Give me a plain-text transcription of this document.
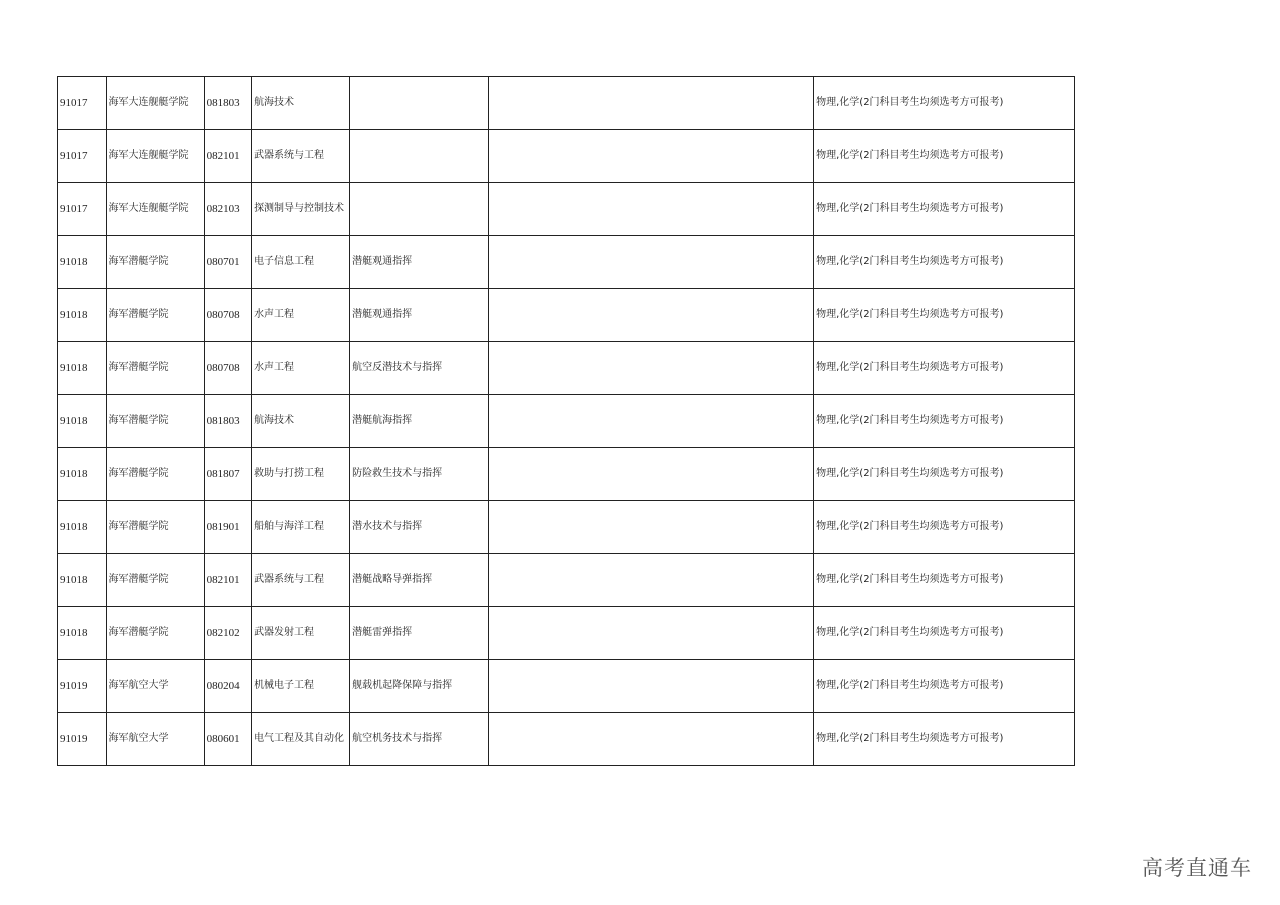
91017	海军大连舰艇学院	081803	航海技术			物理,化学(2门科目考生均须选考方可报考)
91017	海军大连舰艇学院	082101	武器系统与工程			物理,化学(2门科目考生均须选考方可报考)
91017	海军大连舰艇学院	082103	探测制导与控制技术			物理,化学(2门科目考生均须选考方可报考)
91018	海军潜艇学院	080701	电子信息工程	潜艇观通指挥		物理,化学(2门科目考生均须选考方可报考)
91018	海军潜艇学院	080708	水声工程	潜艇观通指挥		物理,化学(2门科目考生均须选考方可报考)
91018	海军潜艇学院	080708	水声工程	航空反潜技术与指挥		物理,化学(2门科目考生均须选考方可报考)
91018	海军潜艇学院	081803	航海技术	潜艇航海指挥		物理,化学(2门科目考生均须选考方可报考)
91018	海军潜艇学院	081807	救助与打捞工程	防险救生技术与指挥		物理,化学(2门科目考生均须选考方可报考)
91018	海军潜艇学院	081901	船舶与海洋工程	潜水技术与指挥		物理,化学(2门科目考生均须选考方可报考)
91018	海军潜艇学院	082101	武器系统与工程	潜艇战略导弹指挥		物理,化学(2门科目考生均须选考方可报考)
91018	海军潜艇学院	082102	武器发射工程	潜艇雷弹指挥		物理,化学(2门科目考生均须选考方可报考)
91019	海军航空大学	080204	机械电子工程	舰载机起降保障与指挥		物理,化学(2门科目考生均须选考方可报考)
91019	海军航空大学	080601	电气工程及其自动化	航空机务技术与指挥		物理,化学(2门科目考生均须选考方可报考)
高考直通车
